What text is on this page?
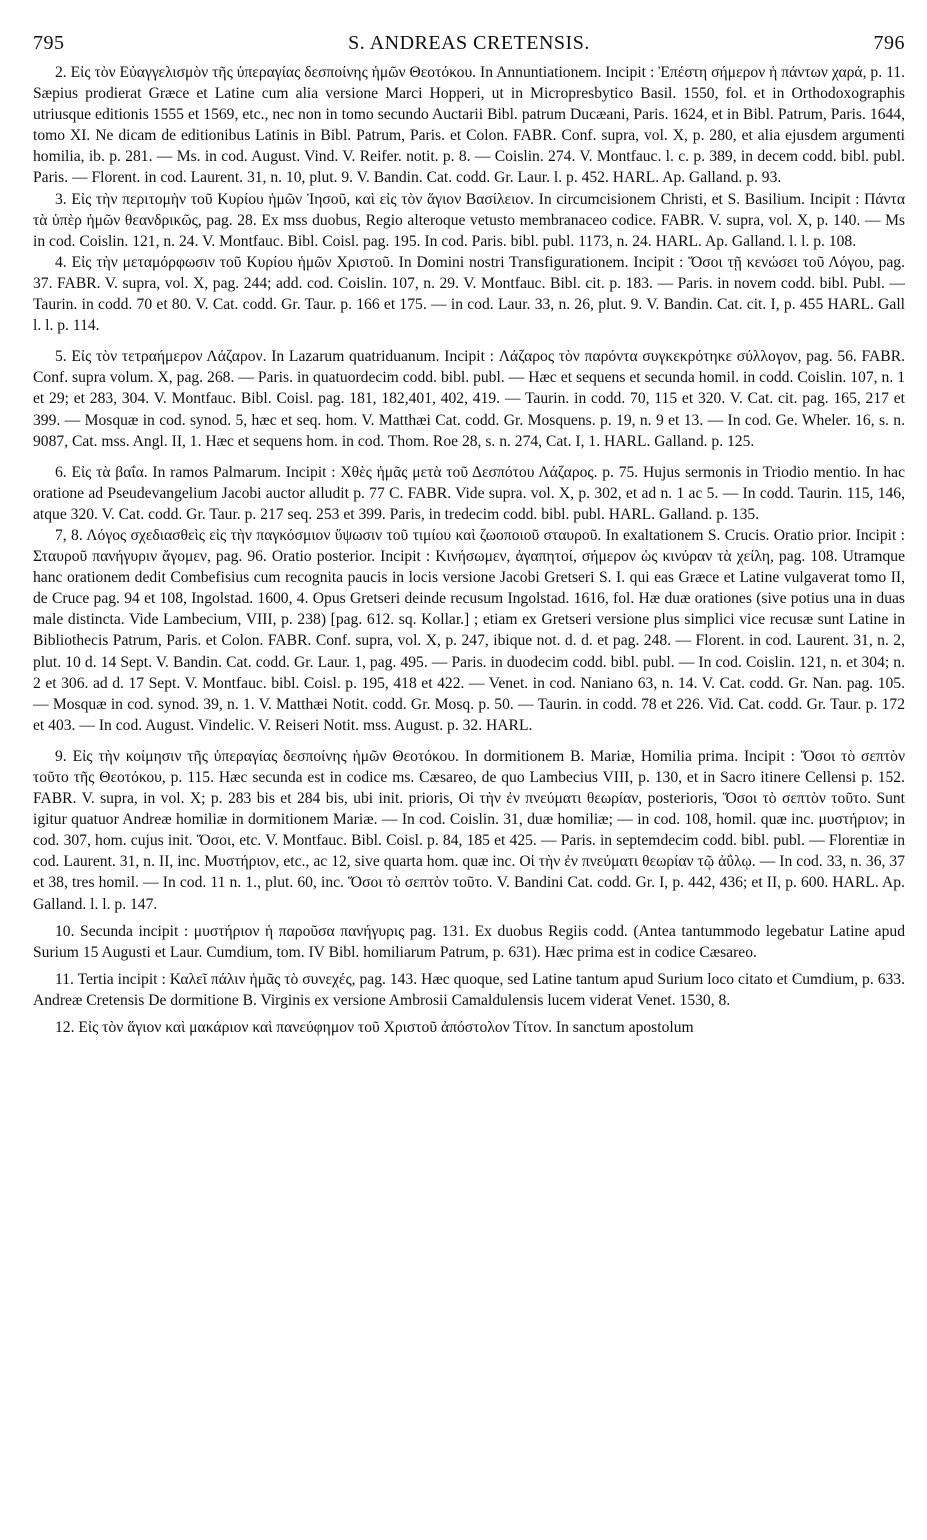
795	S. ANDREAS CRETENSIS.	796

2. Εἰς τὸν Εὐαγγελισμὸν τῆς ὑπεραγίας δεσποίνης ἡμῶν Θεοτόκου. In Annuntiationem. Incipit : Ἐπέστη σήμερον ἡ πάντων χαρά, p. 11. Sæpius prodierat Græce et Latine cum alia versione Marci Hopperi, ut in Micropresbytico Basil. 1550, fol. et in Orthodoxographis utriusque editionis 1555 et 1569, etc., nec non in tomo secundo Auctarii Bibl. patrum Ducæani, Paris. 1624, et in Bibl. Patrum, Paris. 1644, tomo XI. Ne dicam de editionibus Latinis in Bibl. Patrum, Paris. et Colon. FABR. Conf. supra, vol. X, p. 280, et alia ejusdem argumenti homilia, ib. p. 281. — Ms. in cod. August. Vind. V. Reifer. notit. p. 8. — Coislin. 274. V. Montfauc. l. c. p. 389, in decem codd. bibl. publ. Paris. — Florent. in cod. Laurent. 31, n. 10, plut. 9. V. Bandin. Cat. codd. Gr. Laur. l. p. 452. HARL. Ap. Galland. p. 93.

3. Εἰς τὴν περιτομὴν τοῦ Κυρίου ἡμῶν Ἰησοῦ, καὶ εἰς τὸν ἅγιον Βασίλειον. In circumcisionem Christi, et S. Basilium. Incipit : Πάντα τὰ ὑπὲρ ἡμῶν θεανδρικῶς, pag. 28. Ex mss duobus, Regio alteroque vetusto membranaceo codice. FABR. V. supra, vol. X, p. 140. — Ms in cod. Coislin. 121, n. 24. V. Montfauc. Bibl. Coisl. pag. 195. In cod. Paris. bibl. publ. 1173, n. 24. HARL. Ap. Galland. l. l. p. 108.

4. Εἰς τὴν μεταμόρφωσιν τοῦ Κυρίου ἡμῶν Χριστοῦ. In Domini nostri Transfigurationem. Incipit : Ὅσοι τῇ κενώσει τοῦ Λόγου, pag. 37. FABR. V. supra, vol. X, pag. 244; add. cod. Coislin. 107, n. 29. V. Montfauc. Bibl. cit. p. 183. — Paris. in novem codd. bibl. Publ. — Taurin. in codd. 70 et 80. V. Cat. codd. Gr. Taur. p. 166 et 175. — in cod. Laur. 33, n. 26, plut. 9. V. Bandin. Cat. cit. I, p. 455 HARL. Gall l. l. p. 114.

5. Εἰς τὸν τετραήμερον Λάζαρον. In Lazarum quatriduanum. Incipit : Λάζαρος τὸν παρόντα συγκεκρότηκε σύλλογον, pag. 56. FABR. Conf. supra volum. X, pag. 268. — Paris. in quatuordecim codd. bibl. publ. — Hæc et sequens et secunda homil. in codd. Coislin. 107, n. 1 et 29; et 283, 304. V. Montfauc. Bibl. Coisl. pag. 181, 182,401, 402, 419. — Taurin. in codd. 70, 115 et 320. V. Cat. cit. pag. 165, 217 et 399. — Mosquæ in cod. synod. 5, hæc et seq. hom. V. Matthæi Cat. codd. Gr. Mosquens. p. 19, n. 9 et 13. — In cod. Ge. Wheler. 16, s. n. 9087, Cat. mss. Angl. II, 1. Hæc et sequens hom. in cod. Thom. Roe 28, s. n. 274, Cat. I, 1. HARL. Galland. p. 125.

6. Εἰς τὰ βαΐα. In ramos Palmarum. Incipit : Χθὲς ἡμᾶς μετὰ τοῦ Δεσπότου Λάζαρος. p. 75. Hujus sermonis in Triodio mentio. In hac oratione ad Pseudevangelium Jacobi auctor alludit p. 77 C. FABR. Vide supra. vol. X, p. 302, et ad n. 1 ac 5. — In codd. Taurin. 115, 146, atque 320. V. Cat. codd. Gr. Taur. p. 217 seq. 253 et 399. Paris, in tredecim codd. bibl. publ. HARL. Galland. p. 135.

7, 8. Λόγος σχεδιασθεὶς εἰς τὴν παγκόσμιον ὕψωσιν τοῦ τιμίου καὶ ζωοποιοῦ σταυροῦ. In exaltationem S. Crucis. Oratio prior. Incipit : Σταυροῦ πανήγυριν ἄγομεν, pag. 96. Oratio posterior. Incipit : Κινήσωμεν, ἀγαπητοί, σήμερον ὡς κινύραν τὰ χείλη, pag. 108. Utramque hanc orationem dedit Combefisius cum recognita paucis in locis versione Jacobi Gretseri S. I. qui eas Græce et Latine vulgaverat tomo II, de Cruce pag. 94 et 108, Ingolstad. 1600, 4. Opus Gretseri deinde recusum Ingolstad. 1616, fol. Hæ duæ orationes (sive potius una in duas male distincta. Vide Lambecium, VIII, p. 238) [pag. 612. sq. Kollar.] ; etiam ex Gretseri versione plus simplici vice recusæ sunt Latine in Bibliothecis Patrum, Paris. et Colon. FABR. Conf. supra, vol. X, p. 247, ibique not. d. d. et pag. 248. — Florent. in cod. Laurent. 31, n. 2, plut. 10 d. 14 Sept. V. Bandin. Cat. codd. Gr. Laur. 1, pag. 495. — Paris. in duodecim codd. bibl. publ. — In cod. Coislin. 121, n. et 304; n. 2 et 306. ad d. 17 Sept. V. Montfauc. bibl. Coisl. p. 195, 418 et 422. — Venet. in cod. Naniano 63, n. 14. V. Cat. codd. Gr. Nan. pag. 105. — Mosquæ in cod. synod. 39, n. 1. V. Matthæi Notit. codd. Gr. Mosq. p. 50. — Taurin. in codd. 78 et 226. Vid. Cat. codd. Gr. Taur. p. 172 et 403. — In cod. August. Vindelic. V. Reiseri Notit. mss. August. p. 32. HARL.

9. Εἰς τὴν κοίμησιν τῆς ὑπεραγίας δεσποίνης ἡμῶν Θεοτόκου. In dormitionem B. Mariæ, Homilia prima. Incipit : Ὅσοι τὸ σεπτὸν τοῦτο τῆς Θεοτόκου, p. 115. Hæc secunda est in codice ms. Cæsareo, de quo Lambecius VIII, p. 130, et in Sacro itinere Cellensi p. 152. FABR. V. supra, in vol. X; p. 283 bis et 284 bis, ubi init. prioris, Οἱ τὴν ἐν πνεύματι θεωρίαν, posterioris, Ὅσοι τὸ σεπτὸν τοῦτο. Sunt igitur quatuor Andreæ homiliæ in dormitionem Mariæ. — In cod. Coislin. 31, duæ homiliæ; — in cod. 108, homil. quæ inc. μυστήριον; in cod. 307, hom. cujus init. Ὅσοι, etc. V. Montfauc. Bibl. Coisl. p. 84, 185 et 425. — Paris. in septemdecim codd. bibl. publ. — Florentiæ in cod. Laurent. 31, n. II, inc. Μυστήριον, etc., ac 12, sive quarta hom. quæ inc. Οἱ τὴν ἐν πνεύματι θεωρίαν τῷ ἀΰλῳ. — In cod. 33, n. 36, 37 et 38, tres homil. — In cod. 11 n. 1., plut. 60, inc. Ὅσοι τὸ σεπτὸν τοῦτο. V. Bandini Cat. codd. Gr. I, p. 442, 436; et II, p. 600. HARL. Ap. Galland. l. l. p. 147.

10. Secunda incipit : μυστήριον ἡ παροῦσα πανήγυρις pag. 131. Ex duobus Regiis codd. (Antea tantummodo legebatur Latine apud Surium 15 Augusti et Laur. Cumdium, tom. IV Bibl. homiliarum Patrum, p. 631). Hæc prima est in codice Cæsareo.

11. Tertia incipit : Καλεῖ πάλιν ἡμᾶς τὸ συνεχές, pag. 143. Hæc quoque, sed Latine tantum apud Surium loco citato et Cumdium, p. 633. Andreæ Cretensis De dormitione B. Virginis ex versione Ambrosii Camaldulensis lucem viderat Venet. 1530, 8.

12. Εἰς τὸν ἅγιον καὶ μακάριον καὶ πανεύφημον τοῦ Χριστοῦ ἀπόστολον Τίτον. In sanctum apostolum
